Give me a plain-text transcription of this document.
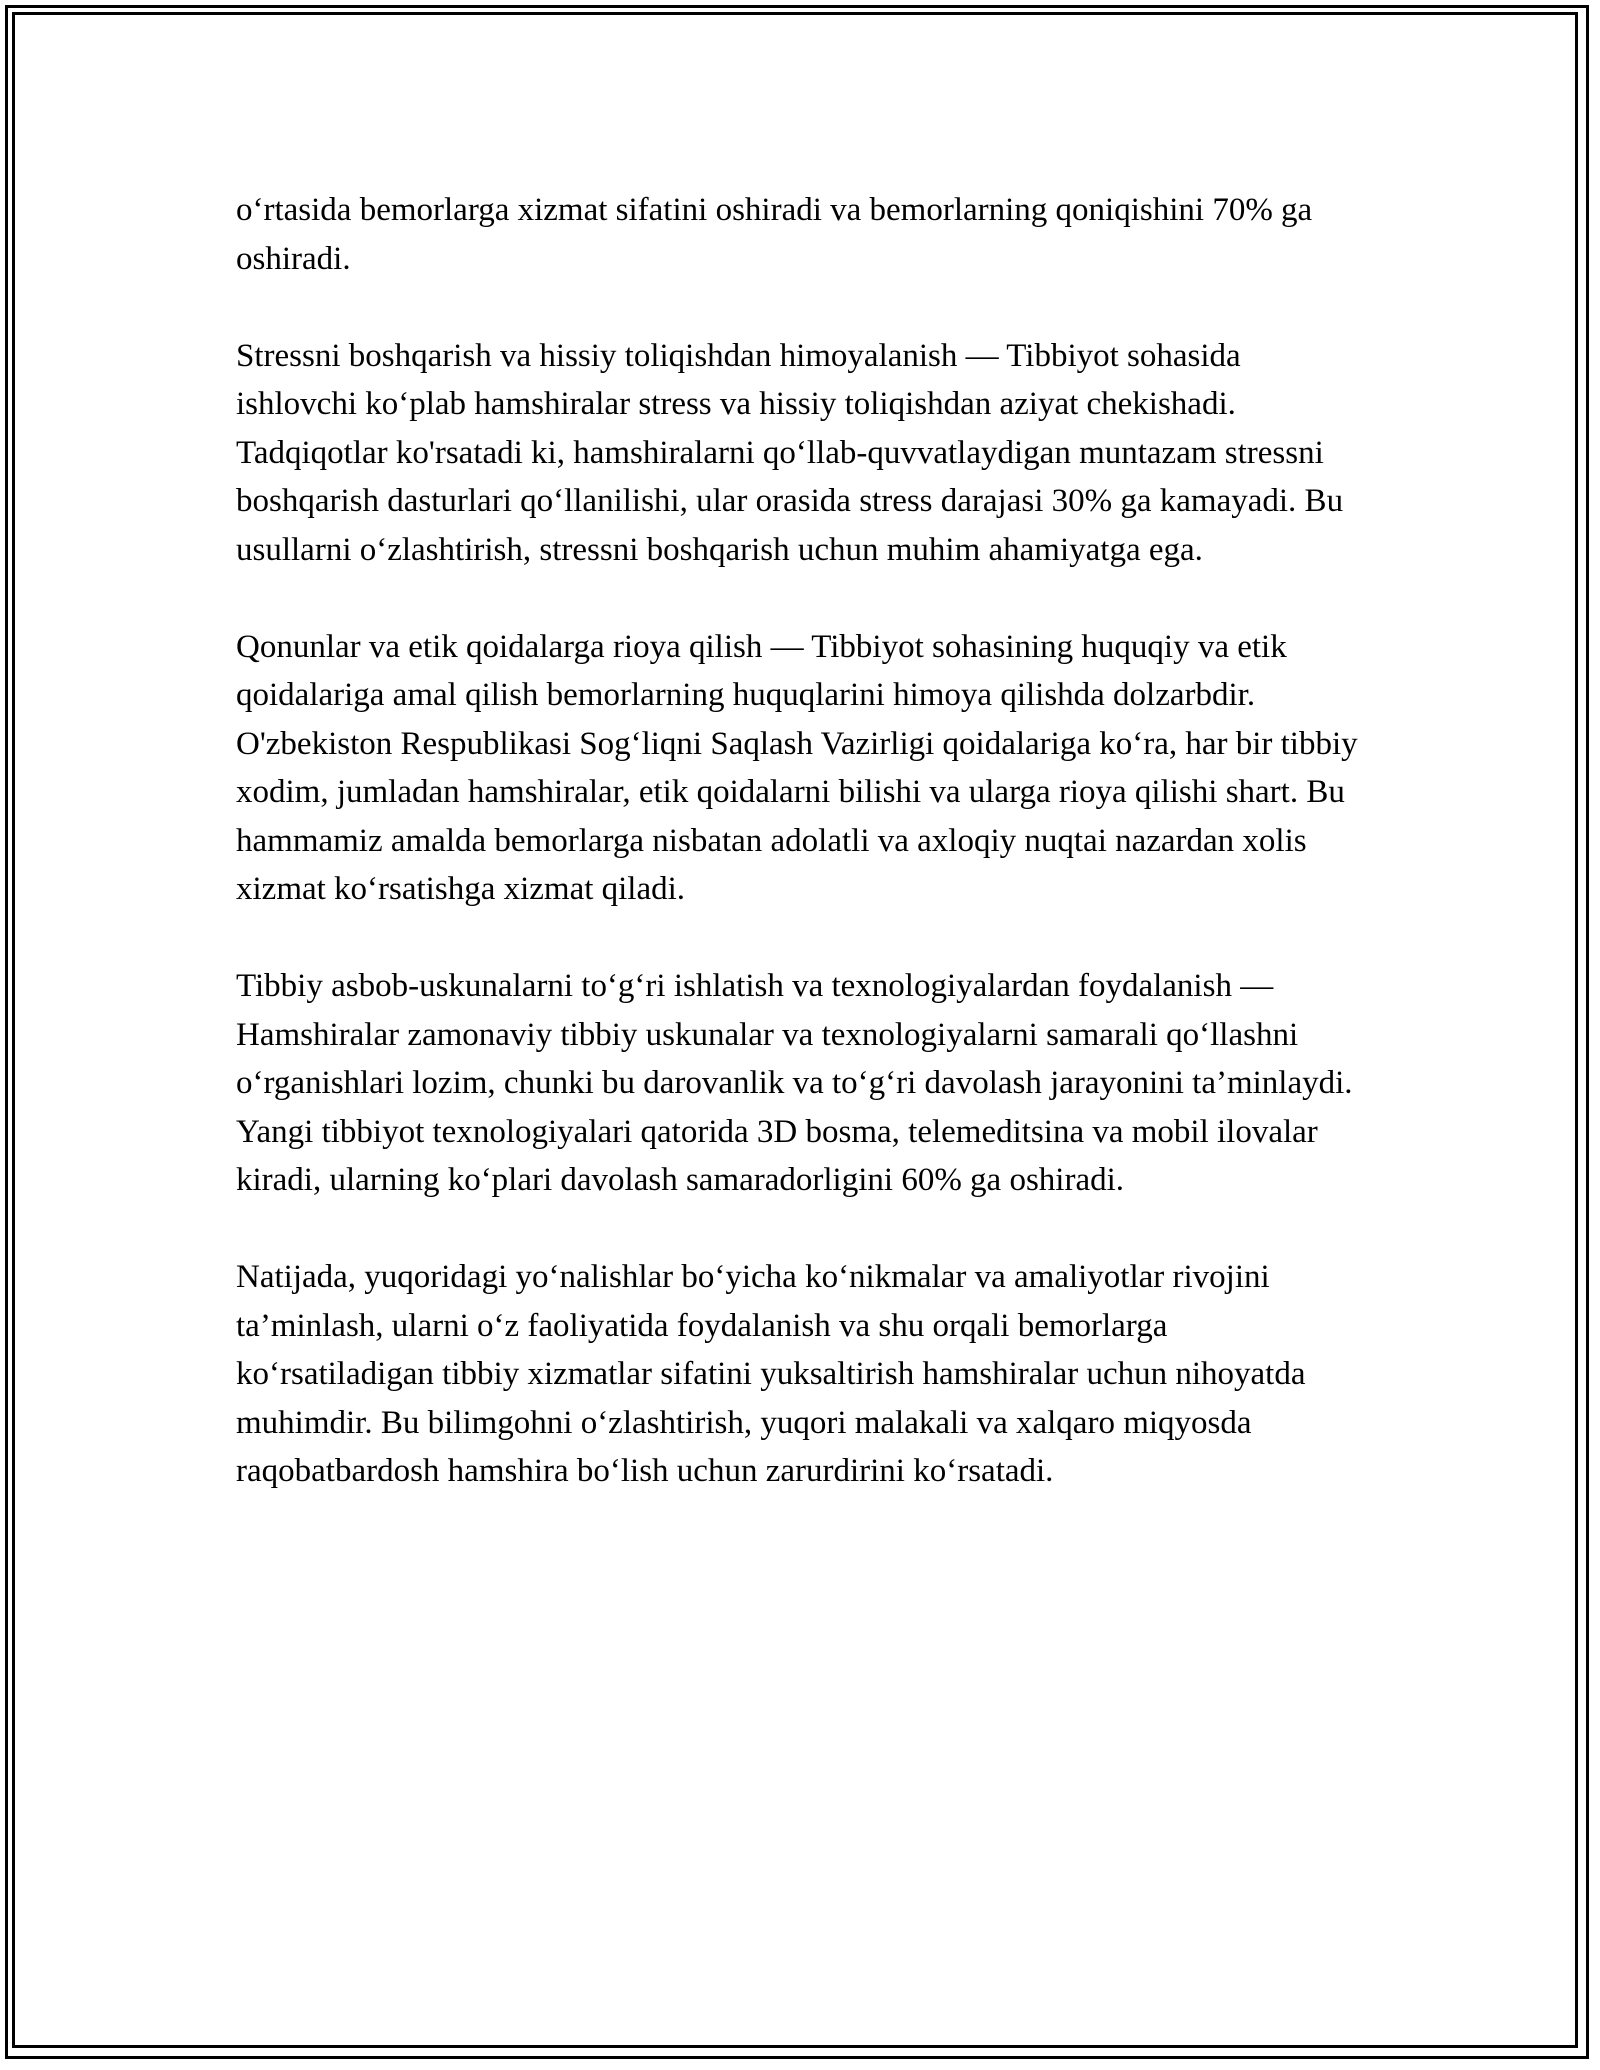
o‘rtasida bemorlarga xizmat sifatini oshiradi va bemorlarning qoniqishini 70% ga oshiradi.

Stressni boshqarish va hissiy toliqishdan himoyalanish — Tibbiyot sohasida ishlovchi ko‘plab hamshiralar stress va hissiy toliqishdan aziyat chekishadi. Tadqiqotlar ko'rsatadi ki, hamshiralarni qo‘llab-quvvatlaydigan muntazam stressni boshqarish dasturlari qo‘llanilishi, ular orasida stress darajasi 30% ga kamayadi. Bu usullarni o‘zlashtirish, stressni boshqarish uchun muhim ahamiyatga ega.

Qonunlar va etik qoidalarga rioya qilish — Tibbiyot sohasining huquqiy va etik qoidalariga amal qilish bemorlarning huquqlarini himoya qilishda dolzarbdir. O'zbekiston Respublikasi Sog‘liqni Saqlash Vazirligi qoidalariga ko‘ra, har bir tibbiy xodim, jumladan hamshiralar, etik qoidalarni bilishi va ularga rioya qilishi shart. Bu hammamiz amalda bemorlarga nisbatan adolatli va axloqiy nuqtai nazardan xolis xizmat ko‘rsatishga xizmat qiladi.

Tibbiy asbob-uskunalarni to‘g‘ri ishlatish va texnologiyalardan foydalanish — Hamshiralar zamonaviy tibbiy uskunalar va texnologiyalarni samarali qo‘llashni o‘rganishlari lozim, chunki bu darovanlik va to‘g‘ri davolash jarayonini ta’minlaydi. Yangi tibbiyot texnologiyalari qatorida 3D bosma, telemeditsina va mobil ilovalar kiradi, ularning ko‘plari davolash samaradorligini 60% ga oshiradi.

Natijada, yuqoridagi yo‘nalishlar bo‘yicha ko‘nikmalar va amaliyotlar rivojini ta’minlash, ularni o‘z faoliyatida foydalanish va shu orqali bemorlarga ko‘rsatiladigan tibbiy xizmatlar sifatini yuksaltirish hamshiralar uchun nihoyatda muhimdir. Bu bilimgohni o‘zlashtirish, yuqori malakali va xalqaro miqyosda raqobatbardosh hamshira bo‘lish uchun zarurdirini ko‘rsatadi.
